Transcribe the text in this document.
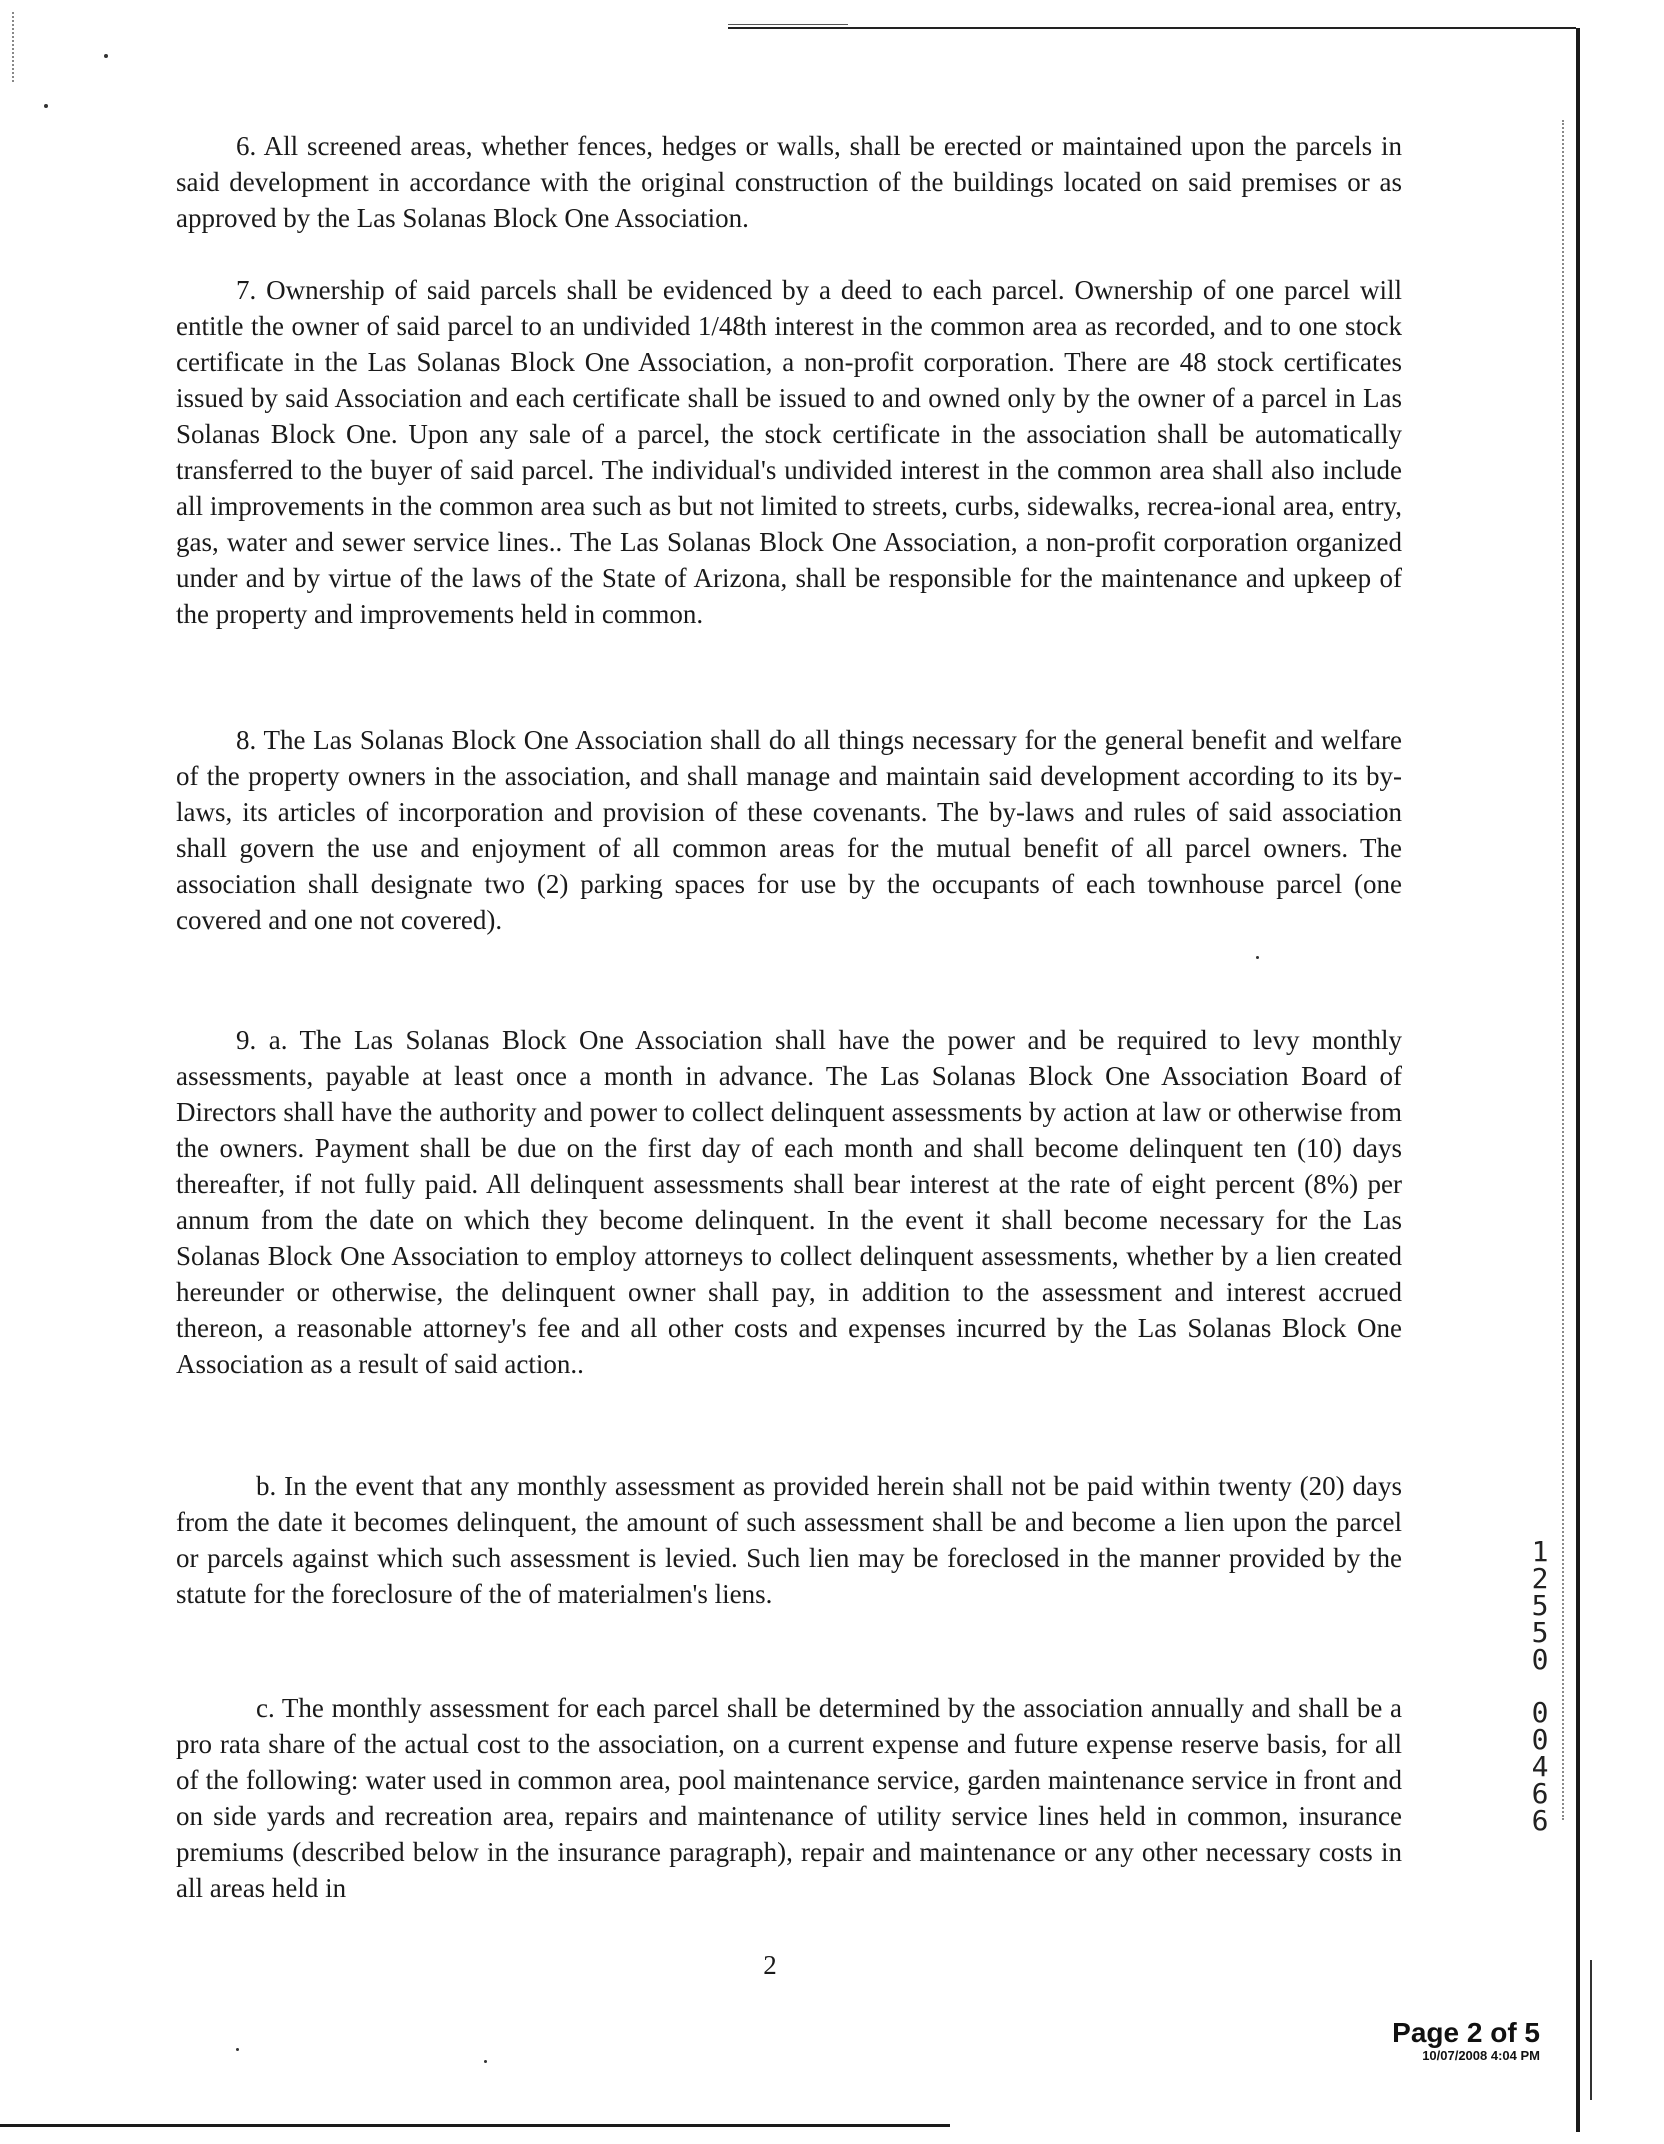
6. All screened areas, whether fences, hedges or walls, shall be erected or maintained upon the parcels in said development in accordance with the original construction of the buildings located on said premises or as approved by the Las Solanas Block One Association.

7. Ownership of said parcels shall be evidenced by a deed to each parcel. Ownership of one parcel will entitle the owner of said parcel to an undivided 1/48th interest in the common area as recorded, and to one stock certificate in the Las Solanas Block One Association, a non-profit corporation. There are 48 stock certificates issued by said Association and each certificate shall be issued to and owned only by the owner of a parcel in Las Solanas Block One. Upon any sale of a parcel, the stock certificate in the association shall be automatically transferred to the buyer of said parcel. The individual's undivided interest in the common area shall also include all improvements in the common area such as but not limited to streets, curbs, sidewalks, recrea-ional area, entry, gas, water and sewer service lines.. The Las Solanas Block One Association, a non-profit corporation organized under and by virtue of the laws of the State of Arizona, shall be responsible for the maintenance and upkeep of the property and improvements held in common.

8. The Las Solanas Block One Association shall do all things necessary for the general benefit and welfare of the property owners in the association, and shall manage and maintain said development according to its by-laws, its articles of incorporation and provision of these covenants. The by-laws and rules of said association shall govern the use and enjoyment of all common areas for the mutual benefit of all parcel owners. The association shall designate two (2) parking spaces for use by the occupants of each townhouse parcel (one covered and one not covered).

9. a. The Las Solanas Block One Association shall have the power and be required to levy monthly assessments, payable at least once a month in advance. The Las Solanas Block One Association Board of Directors shall have the authority and power to collect delinquent assessments by action at law or otherwise from the owners. Payment shall be due on the first day of each month and shall become delinquent ten (10) days thereafter, if not fully paid. All delinquent assessments shall bear interest at the rate of eight percent (8%) per annum from the date on which they become delinquent. In the event it shall become necessary for the Las Solanas Block One Association to employ attorneys to collect delinquent assessments, whether by a lien created hereunder or otherwise, the delinquent owner shall pay, in addition to the assessment and interest accrued thereon, a reasonable attorney's fee and all other costs and expenses incurred by the Las Solanas Block One Association as a result of said action..

b. In the event that any monthly assessment as provided herein shall not be paid within twenty (20) days from the date it becomes delinquent, the amount of such assessment shall be and become a lien upon the parcel or parcels against which such assessment is levied. Such lien may be foreclosed in the manner provided by the statute for the foreclosure of the of materialmen's liens.

c. The monthly assessment for each parcel shall be determined by the association annually and shall be a pro rata share of the actual cost to the association, on a current expense and future expense reserve basis, for all of the following: water used in common area, pool maintenance service, garden maintenance service in front and on side yards and recreation area, repairs and maintenance of utility service lines held in common, insurance premiums (described below in the insurance paragraph), repair and maintenance or any other necessary costs in all areas held in

2
1
2
5
5
0
0
0
4
6
6
Page 2 of 5
10/07/2008 4:04 PM
